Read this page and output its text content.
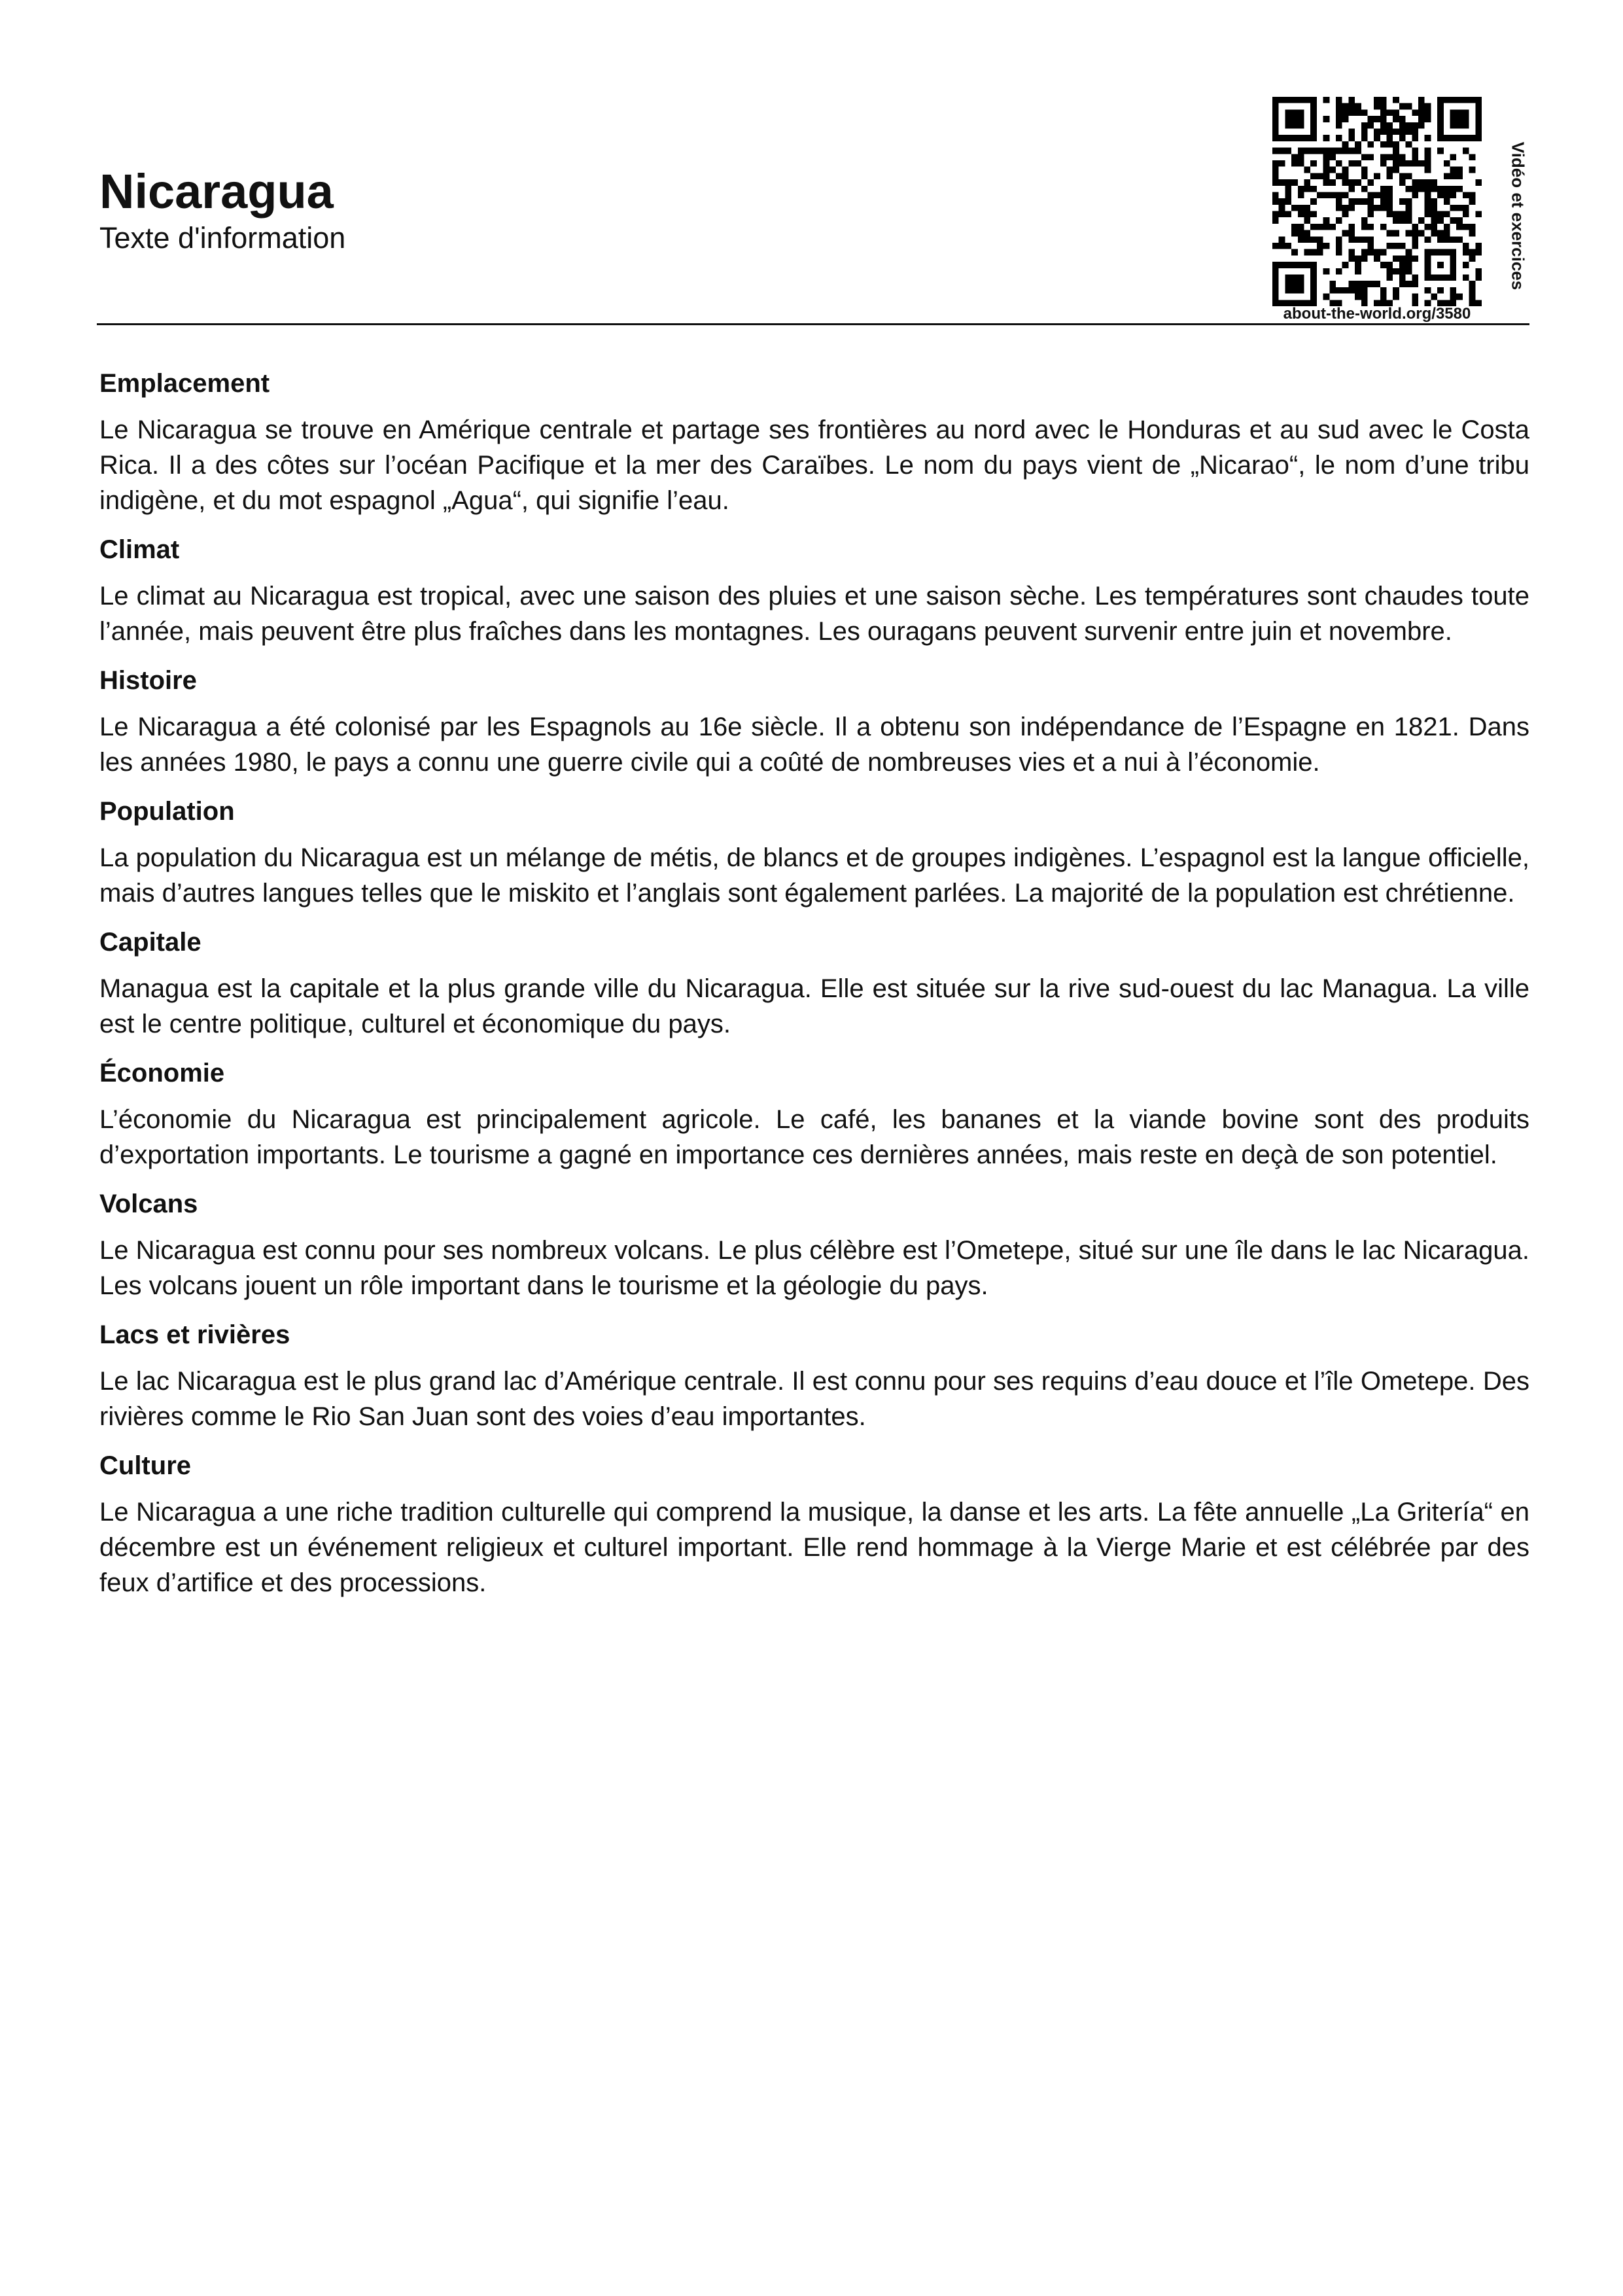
Nicaragua

Texte d'information

about-the-world.org/3580
Vidéo et exercices
Emplacement

Le Nicaragua se trouve en Amérique centrale et partage ses frontières au nord avec le Honduras et au sud avec le Costa Rica. Il a des côtes sur l’océan Pacifique et la mer des Caraïbes. Le nom du pays vient de „Nicarao“, le nom d’une tribu indigène, et du mot espagnol „Agua“, qui signifie l’eau.

Climat

Le climat au Nicaragua est tropical, avec une saison des pluies et une saison sèche. Les températures sont chaudes toute l’année, mais peuvent être plus fraîches dans les montagnes. Les ouragans peuvent survenir entre juin et novembre.

Histoire

Le Nicaragua a été colonisé par les Espagnols au 16e siècle. Il a obtenu son indépendance de l’Espagne en 1821. Dans les années 1980, le pays a connu une guerre civile qui a coûté de nombreuses vies et a nui à l’économie.

Population

La population du Nicaragua est un mélange de métis, de blancs et de groupes indigènes. L’espagnol est la langue officielle, mais d’autres langues telles que le miskito et l’anglais sont également parlées. La majorité de la population est chrétienne.

Capitale

Managua est la capitale et la plus grande ville du Nicaragua. Elle est située sur la rive sud-ouest du lac Managua. La ville est le centre politique, culturel et économique du pays.

Économie

L’économie du Nicaragua est principalement agricole. Le café, les bananes et la viande bovine sont des produits d’exportation importants. Le tourisme a gagné en importance ces dernières années, mais reste en deçà de son potentiel.

Volcans

Le Nicaragua est connu pour ses nombreux volcans. Le plus célèbre est l’Ometepe, situé sur une île dans le lac Nicaragua. Les volcans jouent un rôle important dans le tourisme et la géologie du pays.

Lacs et rivières

Le lac Nicaragua est le plus grand lac d’Amérique centrale. Il est connu pour ses requins d’eau douce et l’île Ometepe. Des rivières comme le Rio San Juan sont des voies d’eau importantes.

Culture

Le Nicaragua a une riche tradition culturelle qui comprend la musique, la danse et les arts. La fête annuelle „La Gritería“ en décembre est un événement religieux et culturel important. Elle rend hommage à la Vierge Marie et est célébrée par des feux d’artifice et des processions.
